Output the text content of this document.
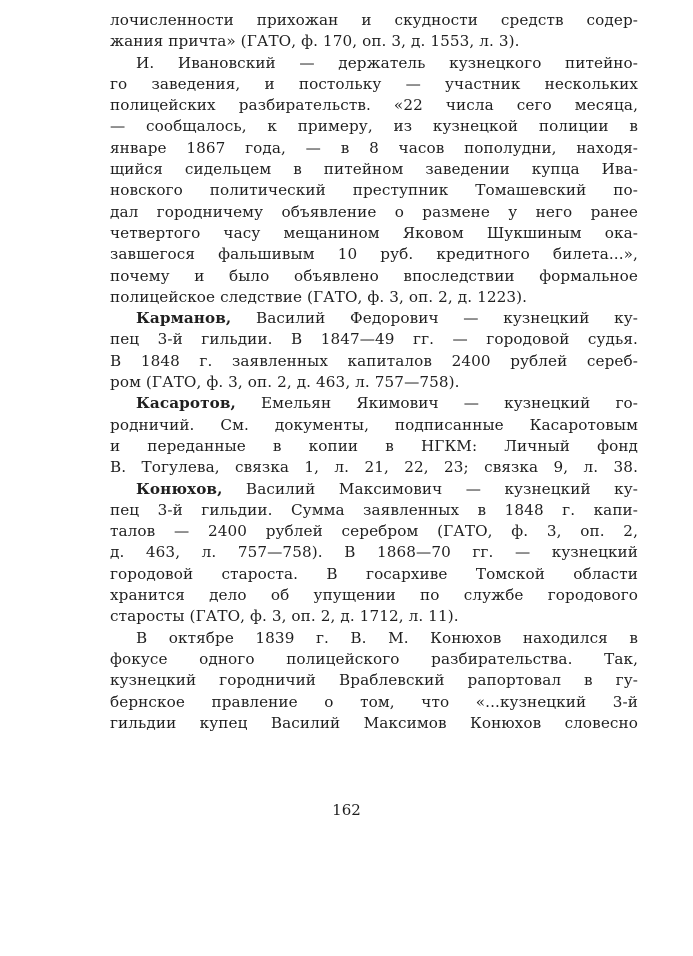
лочисленности прихожан и скудности средств содер-
жания причта» (ГАТО, ф. 170, оп. 3, д. 1553, л. 3).
И. Ивановский — держатель кузнецкого питейно-
го заведения, и постольку — участник нескольких
полицейских разбирательств. «22 числа сего месяца,
— сообщалось, к примеру, из кузнецкой полиции в
январе 1867 года, — в 8 часов пополудни, находя-
щийся сидельцем в питейном заведении купца Ива-
новского политический преступник Томашевский по-
дал городничему объявление о размене у него ранее
четвертого часу мещанином Яковом Шукшиным ока-
завшегося фальшивым 10 руб. кредитного билета...»,
почему и было объявлено впоследствии формальное
полицейское следствие (ГАТО, ф. 3, оп. 2, д. 1223).
Карманов, Василий Федорович — кузнецкий ку-
пец 3-й гильдии. В 1847—49 гг. — городовой судья.
В 1848 г. заявленных капиталов 2400 рублей сереб-
ром (ГАТО, ф. 3, оп. 2, д. 463, л. 757—758).
Касаротов, Емельян Якимович — кузнецкий го-
родничий. См. документы, подписанные Касаротовым
и переданные в копии в НГКМ: Личный фонд
В. Тогулева, связка 1, л. 21, 22, 23; связка 9, л. 38.
Конюхов, Василий Максимович — кузнецкий ку-
пец 3-й гильдии. Сумма заявленных в 1848 г. капи-
талов — 2400 рублей серебром (ГАТО, ф. 3, оп. 2,
д. 463, л. 757—758). В 1868—70 гг. — кузнецкий
городовой староста. В госархиве Томской области
хранится дело об упущении по службе городового
старосты (ГАТО, ф. 3, оп. 2, д. 1712, л. 11).
В октябре 1839 г. В. М. Конюхов находился в
фокусе одного полицейского разбирательства. Так,
кузнецкий городничий Враблевский рапортовал в гу-
бернское правление о том, что «...кузнецкий 3-й
гильдии купец Василий Максимов Конюхов словесно
162
